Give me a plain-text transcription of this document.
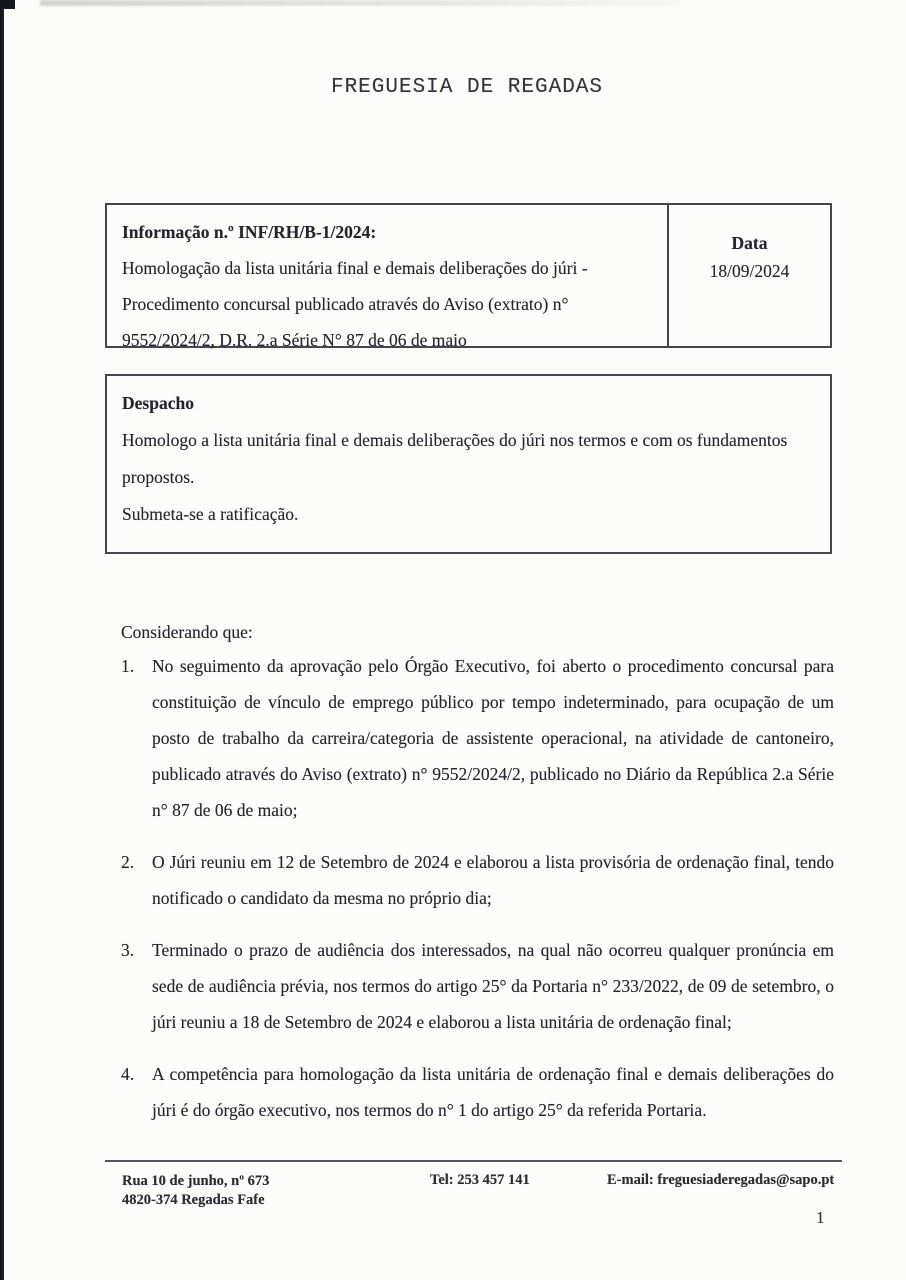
FREGUESIA DE REGADAS
Informação n.º INF/RH/B-1/2024:
Homologação da lista unitária final e demais deliberações do júri -
Procedimento concursal publicado através do Aviso (extrato) n°
9552/2024/2, D.R. 2.a Série N° 87 de 06 de maio
Data
18/09/2024
Despacho
Homologo a lista unitária final e demais deliberações do júri nos termos e com os fundamentos
propostos.
Submeta-se a ratificação.

Considerando que:

1.	No seguimento da aprovação pelo Órgão Executivo, foi aberto o procedimento concursal para constituição de vínculo de emprego público por tempo indeterminado, para ocupação de um posto de trabalho da carreira/categoria de assistente operacional, na atividade de cantoneiro, publicado através do Aviso (extrato) n° 9552/2024/2, publicado no Diário da República 2.a Série n° 87 de 06 de maio;
2.	O Júri reuniu em 12 de Setembro de 2024 e elaborou a lista provisória de ordenação final, tendo notificado o candidato da mesma no próprio dia;
3.	Terminado o prazo de audiência dos interessados, na qual não ocorreu qualquer pronúncia em sede de audiência prévia, nos termos do artigo 25° da Portaria n° 233/2022, de 09 de setembro, o júri reuniu a 18 de Setembro de 2024 e elaborou a lista unitária de ordenação final;
4.	A competência para homologação da lista unitária de ordenação final e demais deliberações do júri é do órgão executivo, nos termos do n° 1 do artigo 25° da referida Portaria.
Rua 10 de junho, nº 673
4820-374 Regadas Fafe
Tel: 253 457 141	E-mail: freguesiaderegadas@sapo.pt
1
